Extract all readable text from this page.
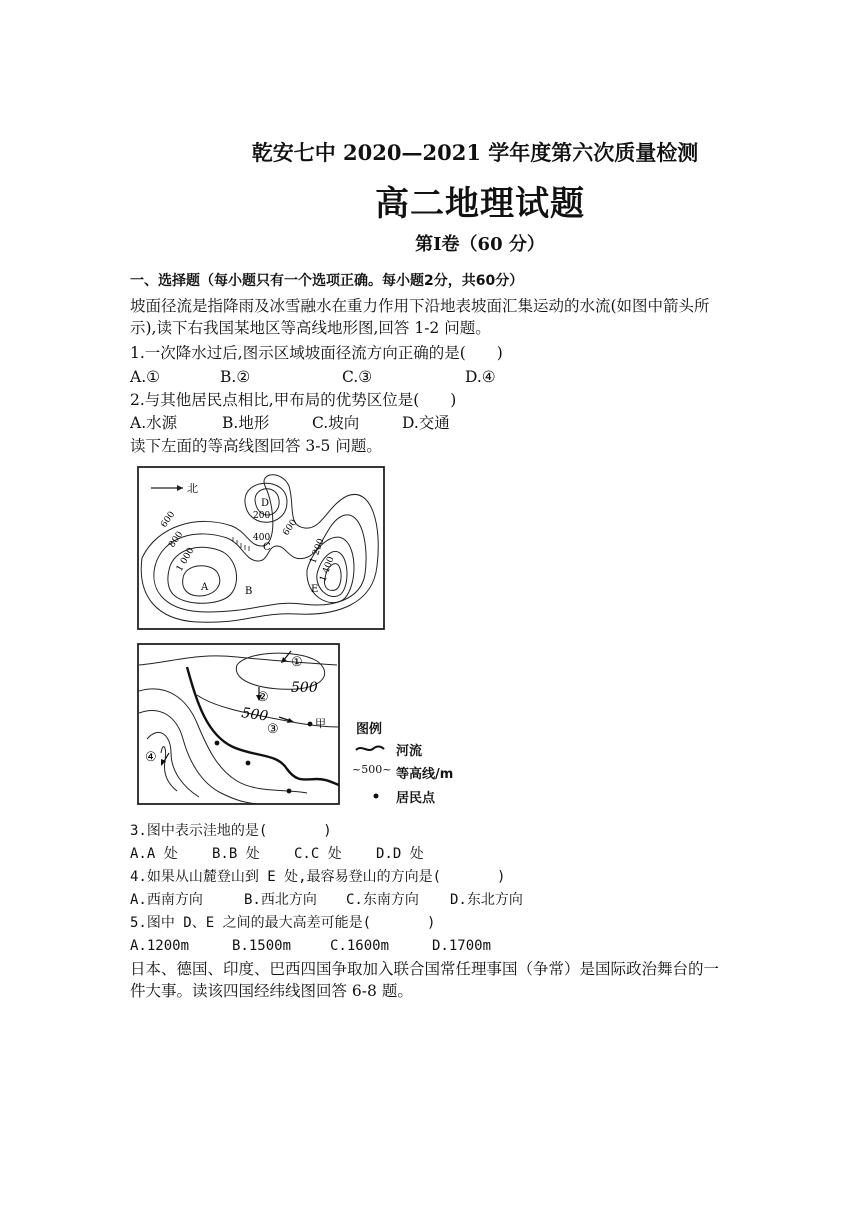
乾安七中 2020—2021 学年度第六次质量检测
高二地理试题
第Ⅰ卷（60 分）
一、选择题（每小题只有一个选项正确。每小题2分，共60分）
坡面径流是指降雨及冰雪融水在重力作用下沿地表坡面汇集运动的水流(如图中箭头所示),读下右我国某地区等高线地形图,回答 1-2 问题。
1.一次降水过后,图示区域坡面径流方向正确的是(　　)
A.①	B.②	C.③	D.④
2.与其他居民点相比,甲布局的优势区位是(　　)
A.水源	B.地形	C.坡向	D.交通
读下左面的等高线图回答 3-5 问题。
北
600
800
1 000
400
200
600
1 200
1 400
A	B
C
D
E
①
②
③
④
500
500	甲 图例
河流
~500~ 等高线/m
居民点
3.图中表示洼地的是(　　　　)
A.A 处 B.B 处 C.C 处 D.D 处
4.如果从山麓登山到 E 处,最容易登山的方向是(　　　　)
A.西南方向	B.西北方向 C.东南方向 D.东北方向
5.图中 D、E 之间的最大高差可能是(　　　　)
A.1200m	B.1500m	C.1600m	D.1700m
日本、德国、印度、巴西四国争取加入联合国常任理事国（争常）是国际政治舞台的一件大事。读该四国经纬线图回答 6-8 题。
